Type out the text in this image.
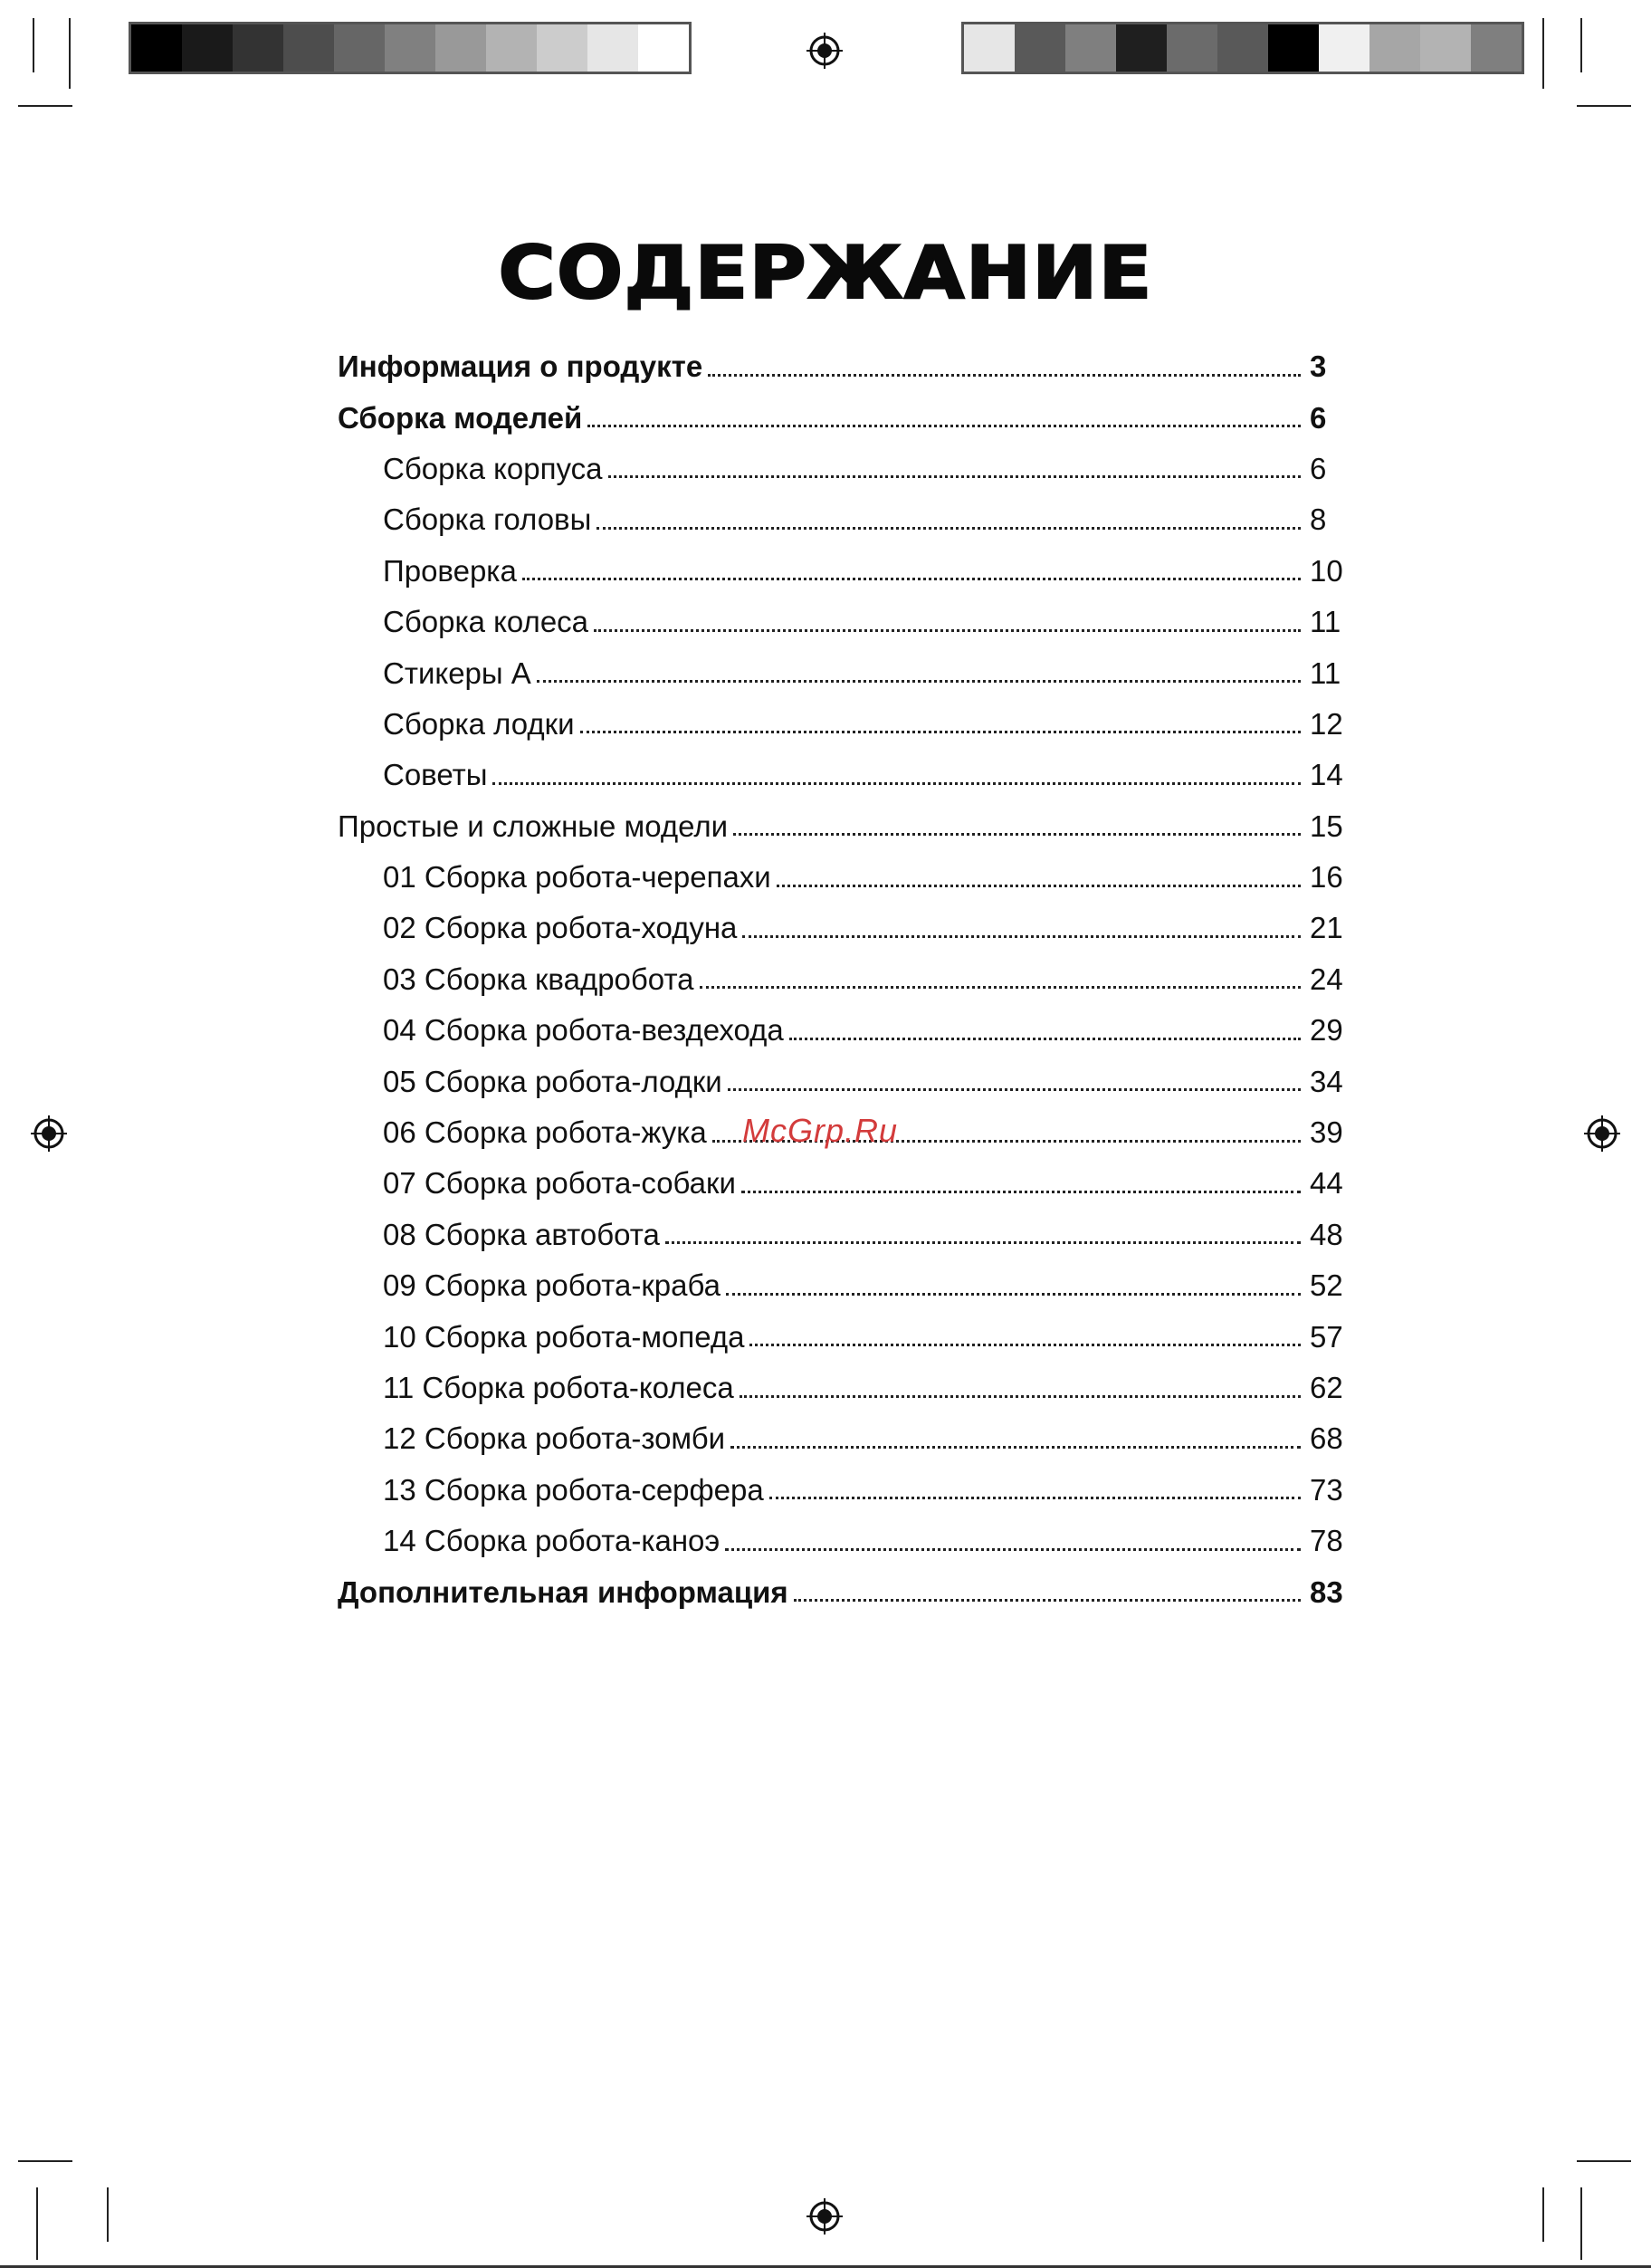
СОДЕРЖАНИЕ
Информация о продукте	3
Сборка моделей	6
Сборка корпуса	6
Сборка головы	8
Проверка	10
Сборка колеса	11
Стикеры А	11
Сборка лодки	12
Советы	14
Простые и сложные модели	15
01 Сборка робота-черепахи	16
02 Сборка робота-ходуна	21
03 Сборка квадробота	24
04 Сборка робота-вездехода	29
05 Сборка робота-лодки	34
06 Сборка робота-жука	39
07 Сборка робота-собаки	44
08 Сборка автобота	48
09 Сборка робота-краба	52
10 Сборка робота-мопеда	57
11 Сборка робота-колеса	62
12 Сборка робота-зомби	68
13 Сборка робота-серфера	73
14 Сборка робота-каноэ	78
Дополнительная информация	83
McGrp.Ru
